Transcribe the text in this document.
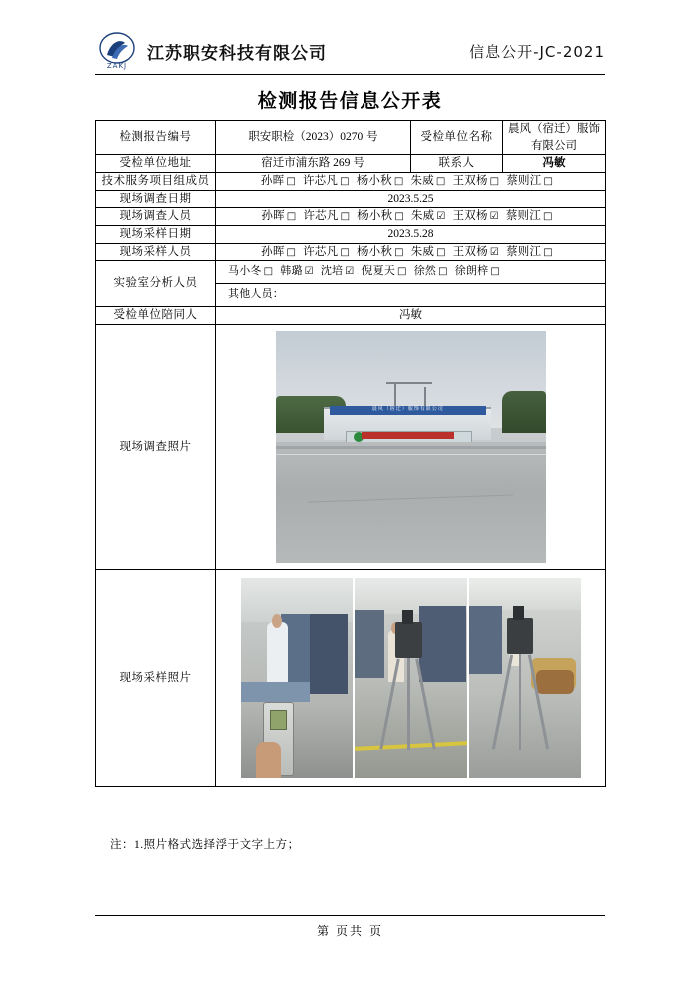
ZAKJ
江苏职安科技有限公司	信息公开-JC-2021
检测报告信息公开表
检测报告编号	职安职检（2023）0270 号	受检单位名称	晨风（宿迁）服饰有限公司
受检单位地址	宿迁市浦东路 269 号	联系人	冯敏
技术服务项目组成员	孙晖 □ 许芯凡 □ 杨小秋 □ 朱威 □ 王双杨 □ 蔡则江 □		
现场调查日期	2023.5.25		
现场调查人员	孙晖 □ 许芯凡 □ 杨小秋 □ 朱威 ☑ 王双杨 ☑ 蔡则江 □		
现场采样日期	2023.5.28		
现场采样人员	孙晖 □ 许芯凡 □ 杨小秋 □ 朱威 □ 王双杨 ☑ 蔡则江 □		
实验室分析人员	马小冬 □ 韩璐 ☑ 沈培 ☑ 倪夏天 □ 徐然 □ 徐朗梓 □
其他人员：		

受检单位陪同人	冯敏		
现场调查照片	晨风（宿迁）服饰有限公司		

现场采样照片			
注：1.照片格式选择浮于文字上方；
第 页共 页
